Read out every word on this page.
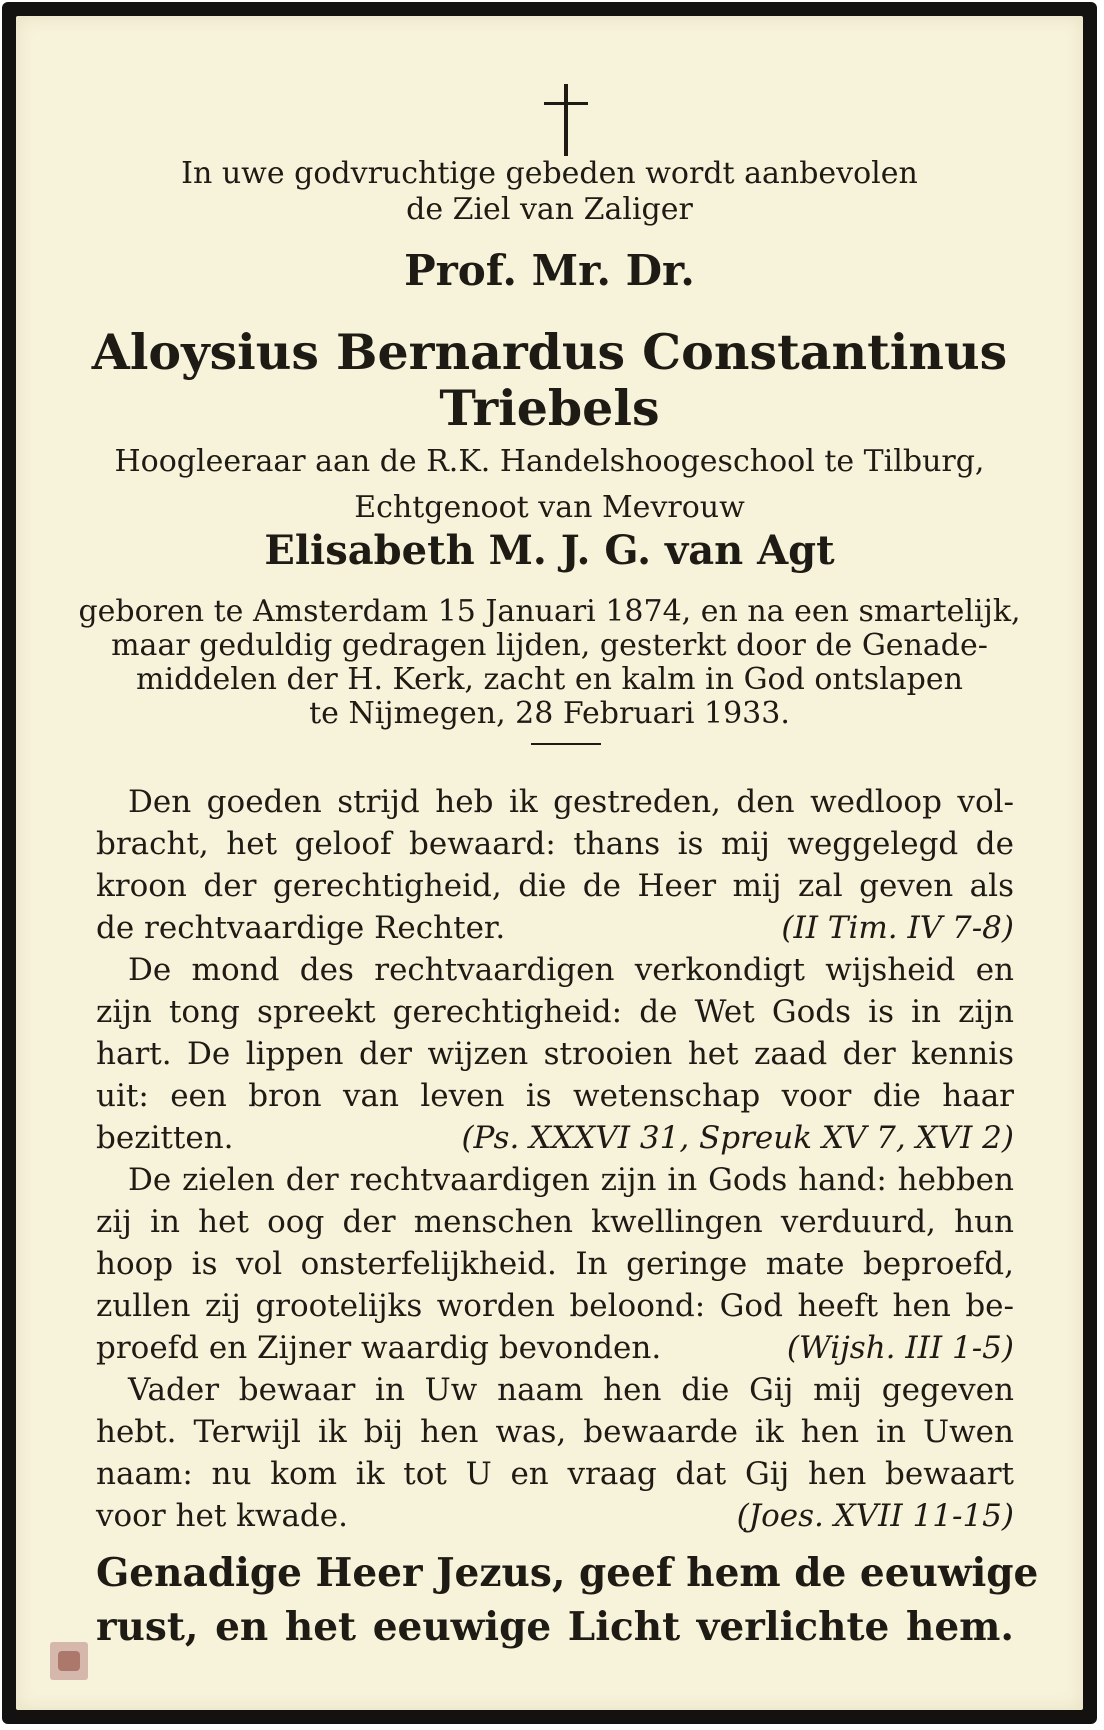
In uwe godvruchtige gebeden wordt aanbevolen
de Ziel van Zaliger
Prof. Mr. Dr.
Aloysius Bernardus Constantinus
Triebels
Hoogleeraar aan de R.K. Handelshoogeschool te Tilburg,
Echtgenoot van Mevrouw
Elisabeth M. J. G. van Agt
geboren te Amsterdam 15 Januari 1874, en na een smartelijk,
maar geduldig gedragen lijden, gesterkt door de Genade-
middelen der H. Kerk, zacht en kalm in God ontslapen
te Nijmegen, 28 Februari 1933.
Den goeden strijd heb ik gestreden, den wedloop vol-
bracht, het geloof bewaard: thans is mij weggelegd de
kroon der gerechtigheid, die de Heer mij zal geven als
de rechtvaardige Rechter.	(II Tim. IV 7-8)
De mond des rechtvaardigen verkondigt wijsheid en
zijn tong spreekt gerechtigheid: de Wet Gods is in zijn
hart. De lippen der wijzen strooien het zaad der kennis
uit: een bron van leven is wetenschap voor die haar
bezitten.	(Ps. XXXVI 31, Spreuk XV 7, XVI 2)
De zielen der rechtvaardigen zijn in Gods hand: hebben
zij in het oog der menschen kwellingen verduurd, hun
hoop is vol onsterfelijkheid. In geringe mate beproefd,
zullen zij grootelijks worden beloond: God heeft hen be-
proefd en Zijner waardig bevonden.	(Wijsh. III 1-5)
Vader bewaar in Uw naam hen die Gij mij gegeven
hebt. Terwijl ik bij hen was, bewaarde ik hen in Uwen
naam: nu kom ik tot U en vraag dat Gij hen bewaart
voor het kwade.	(Joes. XVII 11-15)
Genadige Heer Jezus, geef hem de eeuwige
rust, en het eeuwige Licht verlichte hem.
